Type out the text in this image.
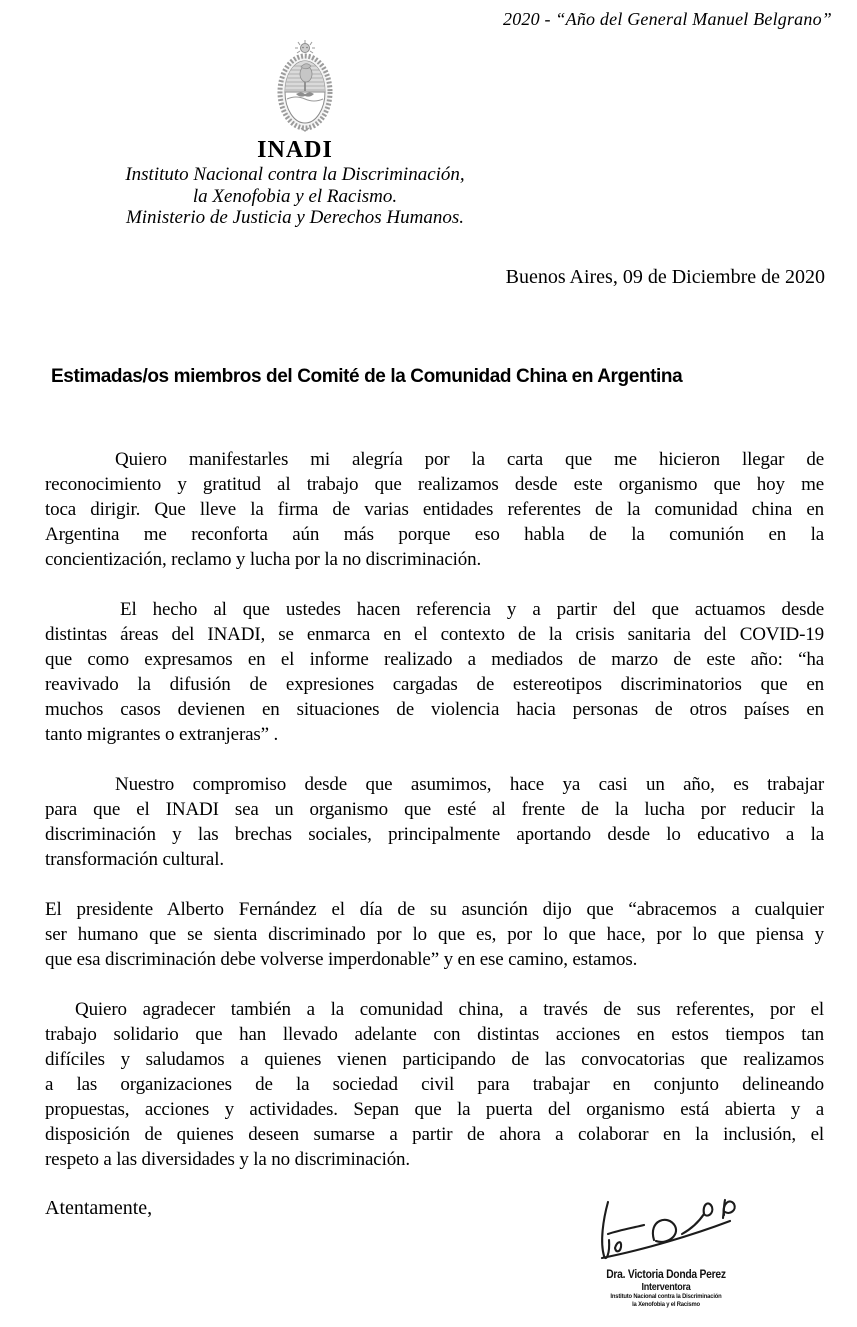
2020 - “Año del General Manuel Belgrano”
INADI
Instituto Nacional contra la Discriminación,
la Xenofobia y el Racismo.
Ministerio de Justicia y Derechos Humanos.
Buenos Aires, 09 de Diciembre de 2020
Estimadas/os miembros del Comité de la Comunidad China en Argentina
Quiero manifestarles mi alegría por la carta que me hicieron llegar de
reconocimiento y gratitud al trabajo que realizamos desde este organismo que hoy me
toca dirigir. Que lleve la firma de varias entidades referentes de la comunidad china en
Argentina me reconforta aún más porque eso habla de la comunión en la
concientización, reclamo y lucha por la no discriminación.
El hecho al que ustedes hacen referencia y a partir del que actuamos desde
distintas áreas del INADI, se enmarca en el contexto de la crisis sanitaria del COVID-19
que como expresamos en el informe realizado a mediados de marzo de este año: “ha
reavivado la difusión de expresiones cargadas de estereotipos discriminatorios que en
muchos casos devienen en situaciones de violencia hacia personas de otros países en
tanto migrantes o extranjeras” .
Nuestro compromiso desde que asumimos, hace ya casi un año, es trabajar
para que el INADI sea un organismo que esté al frente de la lucha por reducir la
discriminación y las brechas sociales, principalmente aportando desde lo educativo a la
transformación cultural.
El presidente Alberto Fernández el día de su asunción dijo que “abracemos a cualquier
ser humano que se sienta discriminado por lo que es, por lo que hace, por lo que piensa y
que esa discriminación debe volverse imperdonable” y en ese camino, estamos.
Quiero agradecer también a la comunidad china, a través de sus referentes, por el
trabajo solidario que han llevado adelante con distintas acciones en estos tiempos tan
difíciles y saludamos a quienes vienen participando de las convocatorias que realizamos
a las organizaciones de la sociedad civil para trabajar en conjunto delineando
propuestas, acciones y actividades. Sepan que la puerta del organismo está abierta y a
disposición de quienes deseen sumarse a partir de ahora a colaborar en la inclusión, el
respeto a las diversidades y la no discriminación.
Atentamente,
Dra. Victoria Donda Perez
Interventora
Instituto Nacional contra la Discriminación
la Xenofobia y el Racismo
